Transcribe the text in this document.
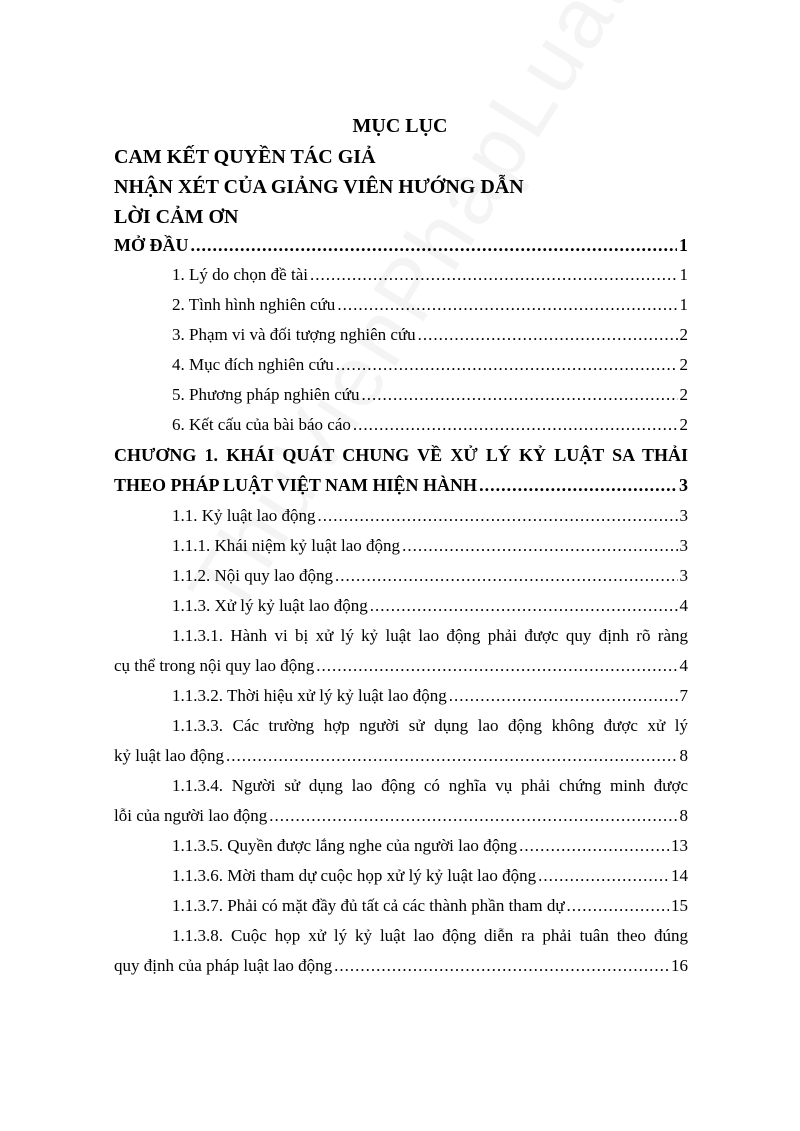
MỤC LỤC
CAM KẾT QUYỀN TÁC GIẢ
NHẬN XÉT CỦA GIẢNG VIÊN HƯỚNG DẪN
LỜI CẢM ƠN
MỞ ĐẦU .....	1
1. Lý do chọn đề tài .....	1
2. Tình hình nghiên cứu .....	1
3. Phạm vi và đối tượng nghiên cứu .....	2
4. Mục đích nghiên cứu .....	2
5. Phương pháp nghiên cứu .....	2
6. Kết cấu của bài báo cáo .....	2
CHƯƠNG 1. KHÁI QUÁT CHUNG VỀ XỬ LÝ KỶ LUẬT SA THẢI
THEO PHÁP LUẬT VIỆT NAM HIỆN HÀNH .....	3
1.1. Kỷ luật lao động .....	3
1.1.1. Khái niệm kỷ luật lao động .....	3
1.1.2. Nội quy lao động .....	3
1.1.3. Xử lý kỷ luật lao động .....	4
1.1.3.1. Hành vi bị xử lý kỷ luật lao động phải được quy định rõ ràng
cụ thể trong nội quy lao động .....	4
1.1.3.2. Thời hiệu xử lý kỷ luật lao động .....	7
1.1.3.3. Các trường hợp người sử dụng lao động không được xử lý
kỷ luật lao động .....	8
1.1.3.4. Người sử dụng lao động có nghĩa vụ phải chứng minh được
lỗi của người lao động .....	8
1.1.3.5. Quyền được lắng nghe của người lao động .....	13
1.1.3.6. Mời tham dự cuộc họp xử lý kỷ luật lao động .....	14
1.1.3.7. Phải có mặt đầy đủ tất cả các thành phần tham dự .....	15
1.1.3.8. Cuộc họp xử lý kỷ luật lao động diễn ra phải tuân theo đúng
quy định của pháp luật lao động .....	16
